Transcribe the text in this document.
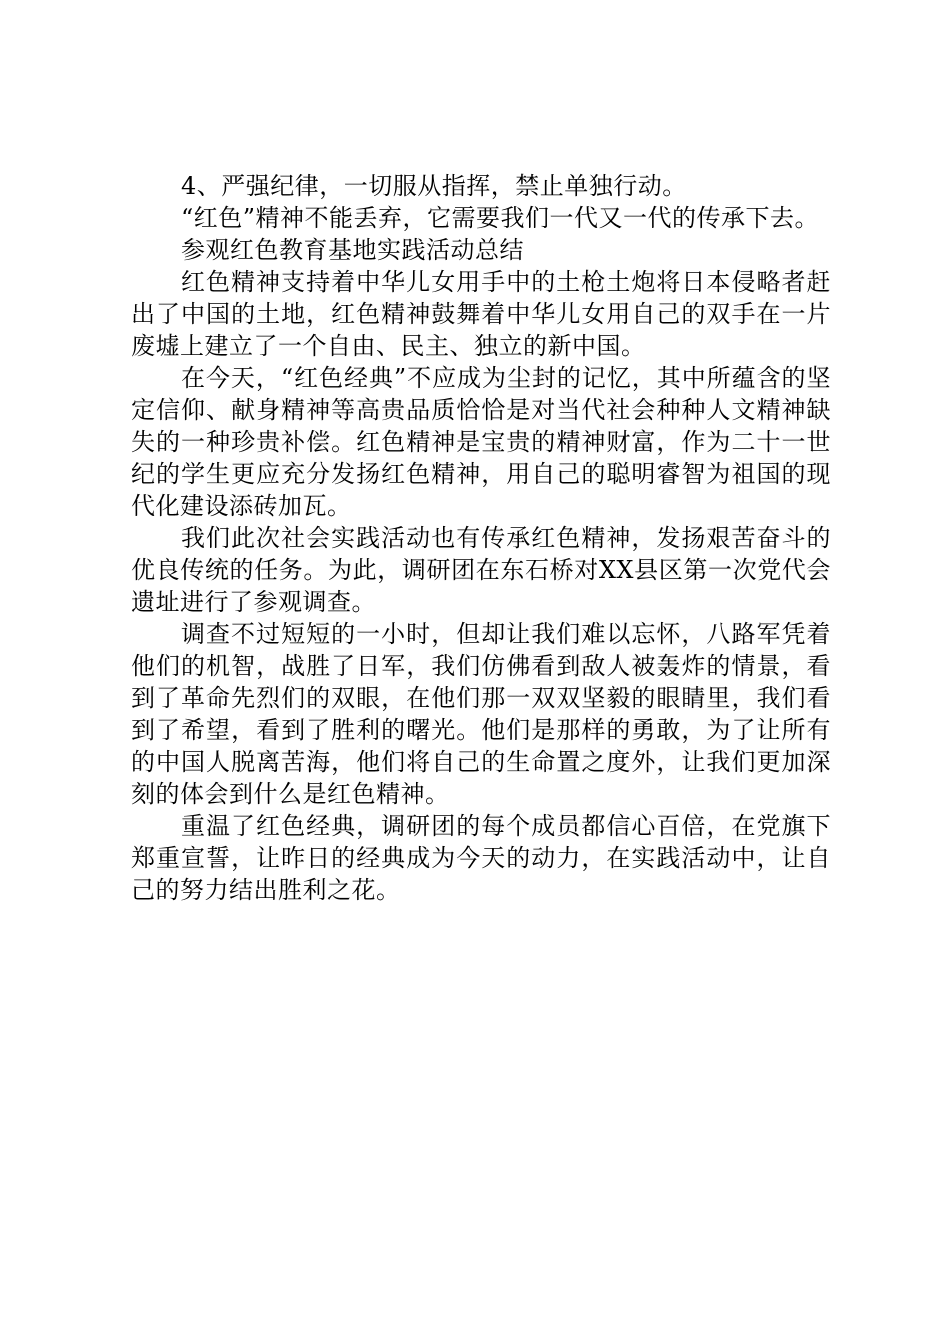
4、严强纪律，一切服从指挥，禁止单独行动。

“红色”精神不能丢弃，它需要我们一代又一代的传承下去。

参观红色教育基地实践活动总结

红色精神支持着中华儿女用手中的土枪土炮将日本侵略者赶出了中国的土地，红色精神鼓舞着中华儿女用自己的双手在一片废墟上建立了一个自由、民主、独立的新中国。

在今天，“红色经典”不应成为尘封的记忆，其中所蕴含的坚定信仰、献身精神等高贵品质恰恰是对当代社会种种人文精神缺失的一种珍贵补偿。红色精神是宝贵的精神财富，作为二十一世纪的学生更应充分发扬红色精神，用自己的聪明睿智为祖国的现代化建设添砖加瓦。

我们此次社会实践活动也有传承红色精神，发扬艰苦奋斗的优良传统的任务。为此，调研团在东石桥对XX县区第一次党代会遗址进行了参观调查。

调查不过短短的一小时，但却让我们难以忘怀，八路军凭着他们的机智，战胜了日军，我们仿佛看到敌人被轰炸的情景，看到了革命先烈们的双眼，在他们那一双双坚毅的眼睛里，我们看到了希望，看到了胜利的曙光。他们是那样的勇敢，为了让所有的中国人脱离苦海，他们将自己的生命置之度外，让我们更加深刻的体会到什么是红色精神。

重温了红色经典，调研团的每个成员都信心百倍，在党旗下郑重宣誓，让昨日的经典成为今天的动力，在实践活动中，让自己的努力结出胜利之花。
